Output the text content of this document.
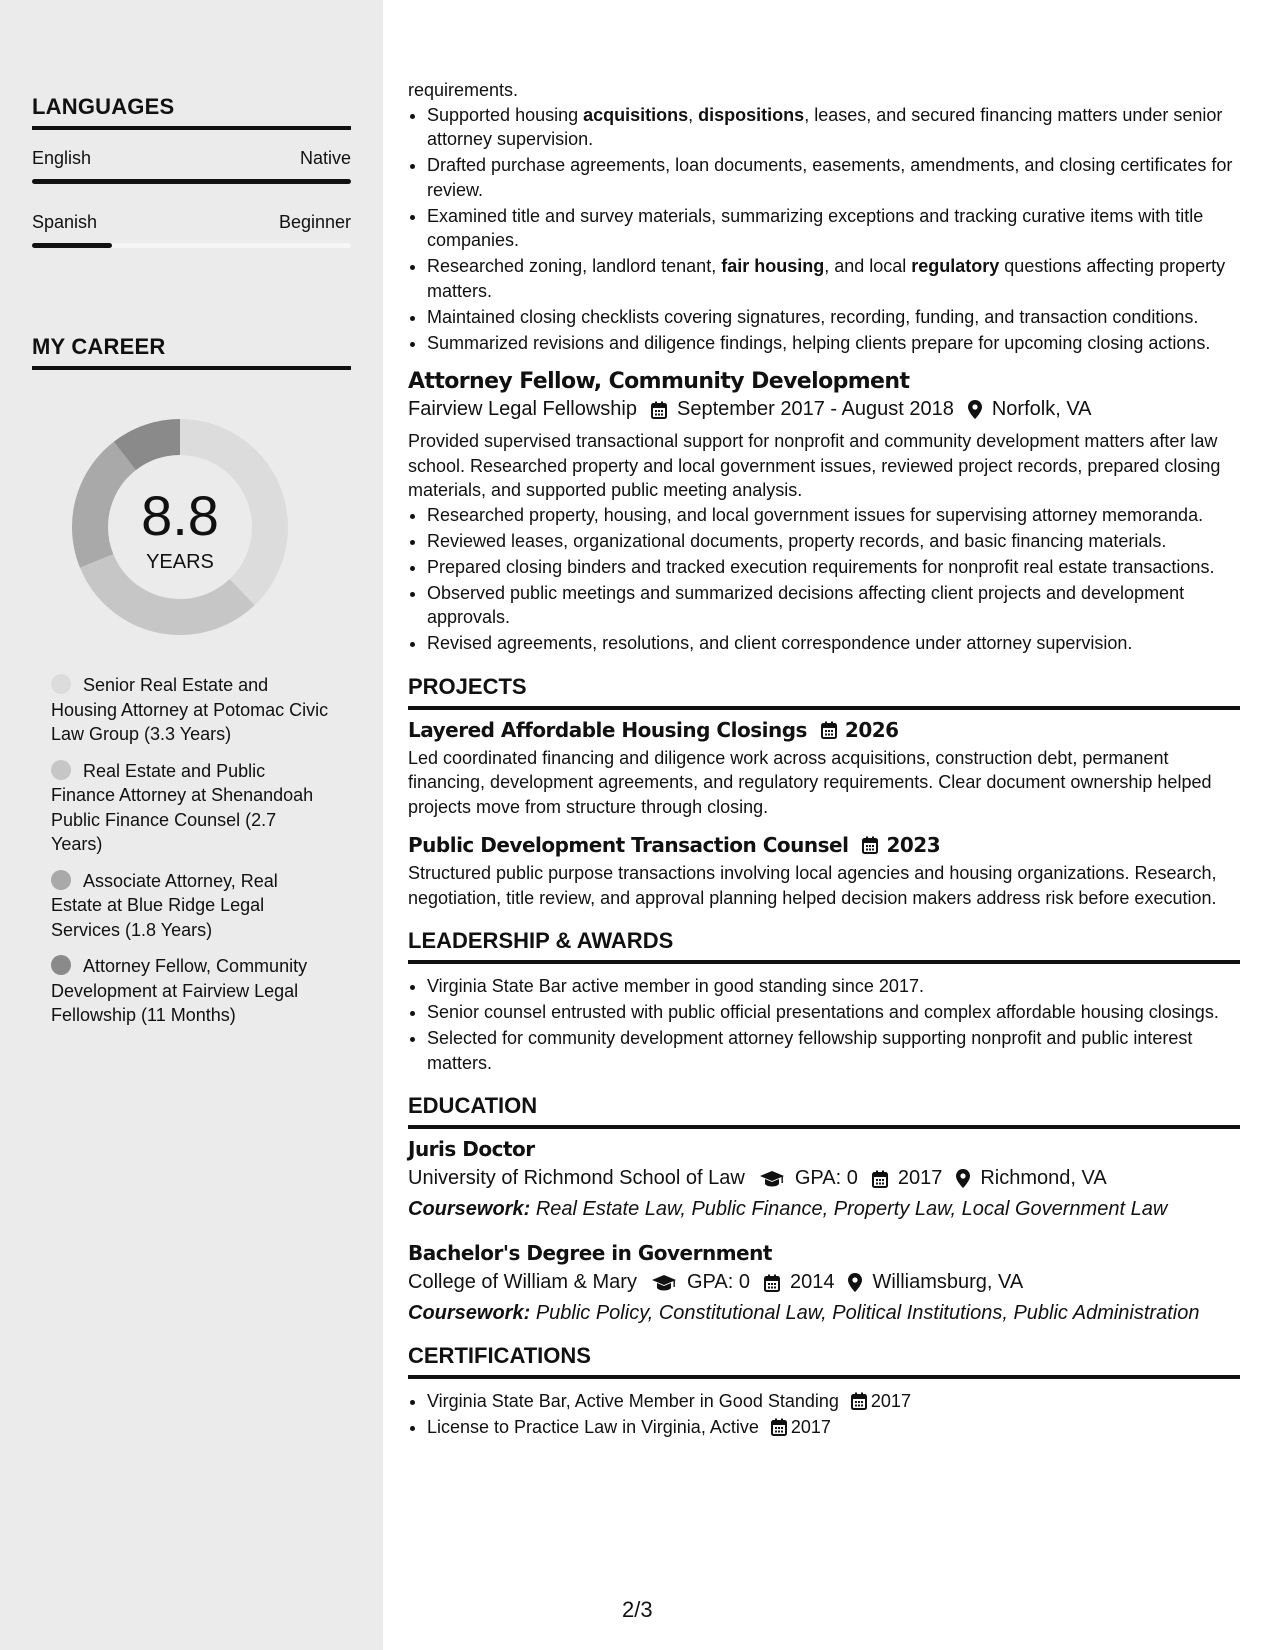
LANGUAGES
English	Native
Spanish	Beginner
MY CAREER
8.8
YEARS
Senior Real Estate and Housing Attorney at Potomac Civic Law Group (3.3 Years)
Real Estate and Public Finance Attorney at Shenandoah Public Finance Counsel (2.7 Years)
Associate Attorney, Real Estate at Blue Ridge Legal Services (1.8 Years)
Attorney Fellow, Community Development at Fairview Legal Fellowship (11 Months)

requirements.

• Supported housing acquisitions, dispositions, leases, and secured financing matters under senior attorney supervision.
• Drafted purchase agreements, loan documents, easements, amendments, and closing certificates for review.
• Examined title and survey materials, summarizing exceptions and tracking curative items with title companies.
• Researched zoning, landlord tenant, fair housing, and local regulatory questions affecting property matters.
• Maintained closing checklists covering signatures, recording, funding, and transaction conditions.
• Summarized revisions and diligence findings, helping clients prepare for upcoming closing actions.
Attorney Fellow, Community Development
Fairview Legal Fellowship September 2017 - August 2018 Norfolk, VA

Provided supervised transactional support for nonprofit and community development matters after law school. Researched property and local government issues, reviewed project records, prepared closing materials, and supported public meeting analysis.

• Researched property, housing, and local government issues for supervising attorney memoranda.
• Reviewed leases, organizational documents, property records, and basic financing materials.
• Prepared closing binders and tracked execution requirements for nonprofit real estate transactions.
• Observed public meetings and summarized decisions affecting client projects and development approvals.
• Revised agreements, resolutions, and client correspondence under attorney supervision.
PROJECTS
Layered Affordable Housing Closings 2026

Led coordinated financing and diligence work across acquisitions, construction debt, permanent financing, development agreements, and regulatory requirements. Clear document ownership helped projects move from structure through closing.

Public Development Transaction Counsel 2023

Structured public purpose transactions involving local agencies and housing organizations. Research, negotiation, title review, and approval planning helped decision makers address risk before execution.

LEADERSHIP & AWARDS
• Virginia State Bar active member in good standing since 2017.
• Senior counsel entrusted with public official presentations and complex affordable housing closings.
• Selected for community development attorney fellowship supporting nonprofit and public interest matters.
EDUCATION
Juris Doctor
University of Richmond School of Law	GPA: 0 2017 Richmond, VA
Coursework: Real Estate Law, Public Finance, Property Law, Local Government Law
Bachelor's Degree in Government
College of William & Mary	GPA: 0 2014 Williamsburg, VA
Coursework: Public Policy, Constitutional Law, Political Institutions, Public Administration
CERTIFICATIONS
• Virginia State Bar, Active Member in Good Standing 2017
• License to Practice Law in Virginia, Active 2017
2/3
